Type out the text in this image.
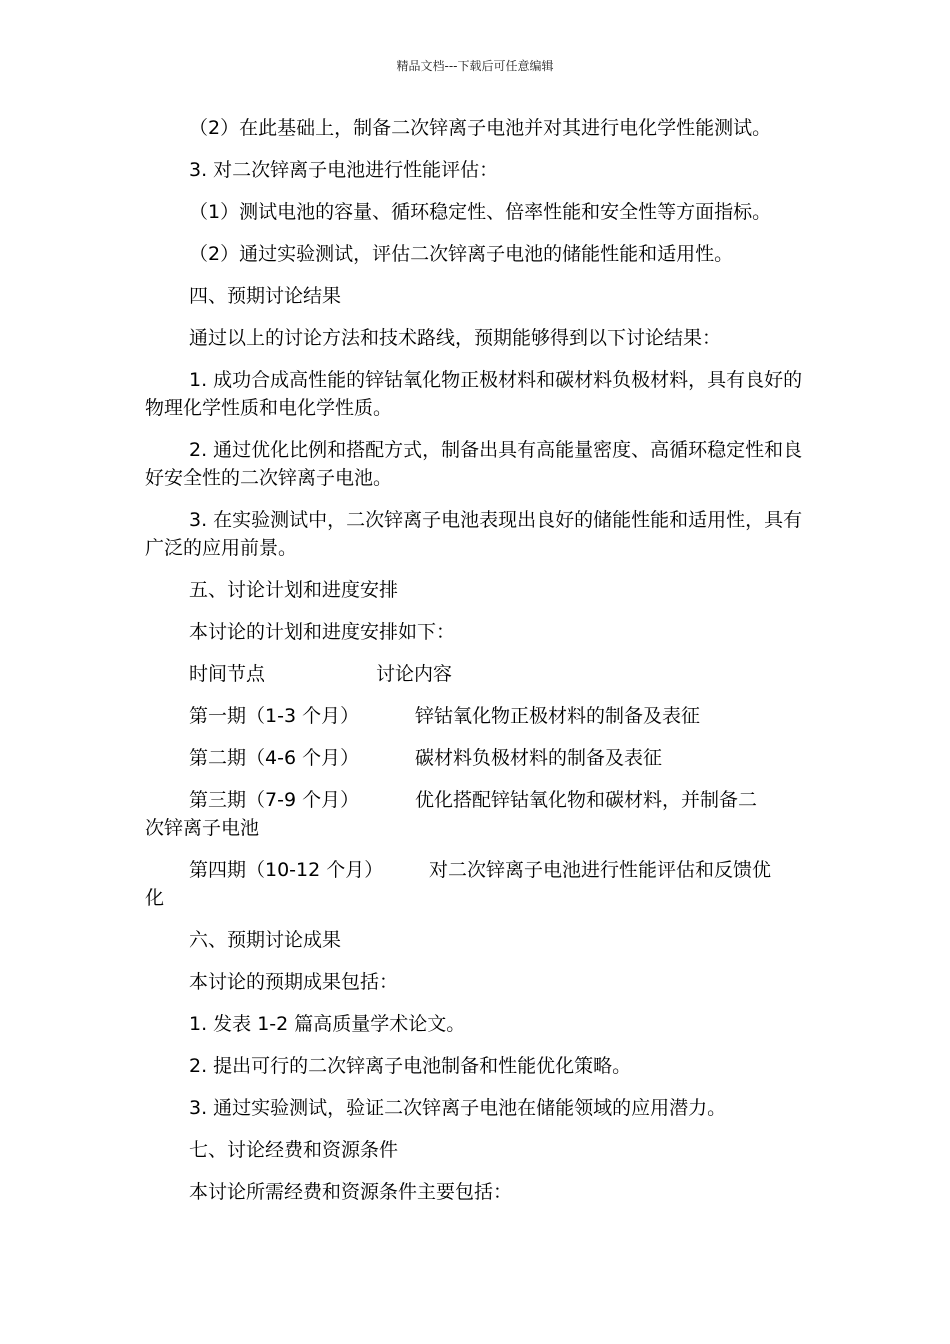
精品文档---下载后可任意编辑

（2）在此基础上，制备二次锌离子电池并对其进行电化学性能测试。

3. 对二次锌离子电池进行性能评估：

（1）测试电池的容量、循环稳定性、倍率性能和安全性等方面指标。

（2）通过实验测试，评估二次锌离子电池的储能性能和适用性。

四、预期讨论结果

通过以上的讨论方法和技术路线，预期能够得到以下讨论结果：

1. 成功合成高性能的锌钴氧化物正极材料和碳材料负极材料，具有良好的物理化学性质和电化学性质。

2. 通过优化比例和搭配方式，制备出具有高能量密度、高循环稳定性和良好安全性的二次锌离子电池。

3. 在实验测试中，二次锌离子电池表现出良好的储能性能和适用性，具有广泛的应用前景。

五、讨论计划和进度安排

本讨论的计划和进度安排如下：

时间节点	讨论内容
第一期（1-3 个月）	锌钴氧化物正极材料的制备及表征
第二期（4-6 个月）	碳材料负极材料的制备及表征
第三期（7-9 个月）	优化搭配锌钴氧化物和碳材料，并制备二

次锌离子电池

第四期（10-12 个月） 对二次锌离子电池进行性能评估和反馈优

化

六、预期讨论成果

本讨论的预期成果包括：

1. 发表 1-2 篇高质量学术论文。

2. 提出可行的二次锌离子电池制备和性能优化策略。

3. 通过实验测试，验证二次锌离子电池在储能领域的应用潜力。

七、讨论经费和资源条件

本讨论所需经费和资源条件主要包括：
